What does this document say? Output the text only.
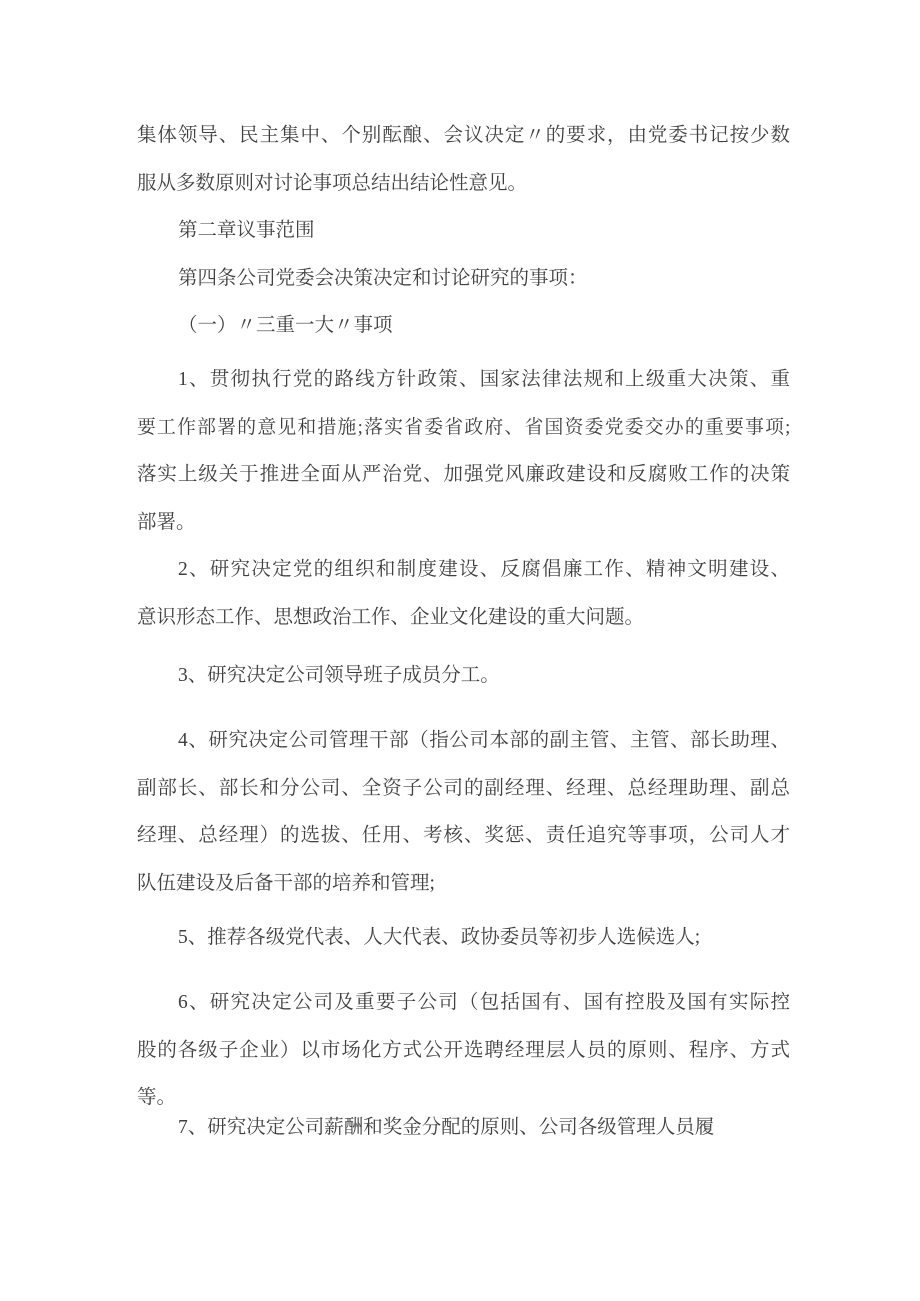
集体领导、民主集中、个别酝酿、会议决定〃的要求，由党委书记按少数
服从多数原则对讨论事项总结出结论性意见。
第二章议事范围
第四条公司党委会决策决定和讨论研究的事项：
（一）〃三重一大〃事项
1、贯彻执行党的路线方针政策、国家法律法规和上级重大决策、重
要工作部署的意见和措施;落实省委省政府、省国资委党委交办的重要事项;
落实上级关于推进全面从严治党、加强党风廉政建设和反腐败工作的决策
部署。
2、研究决定党的组织和制度建设、反腐倡廉工作、精神文明建设、
意识形态工作、思想政治工作、企业文化建设的重大问题。
3、研究决定公司领导班子成员分工。
4、研究决定公司管理干部（指公司本部的副主管、主管、部长助理、
副部长、部长和分公司、全资子公司的副经理、经理、总经理助理、副总
经理、总经理）的选拔、任用、考核、奖惩、责任追究等事项，公司人才
队伍建设及后备干部的培养和管理;
5、推荐各级党代表、人大代表、政协委员等初步人选候选人;
6、研究决定公司及重要子公司（包括国有、国有控股及国有实际控
股的各级子企业）以市场化方式公开选聘经理层人员的原则、程序、方式
等。
7、研究决定公司薪酬和奖金分配的原则、公司各级管理人员履
